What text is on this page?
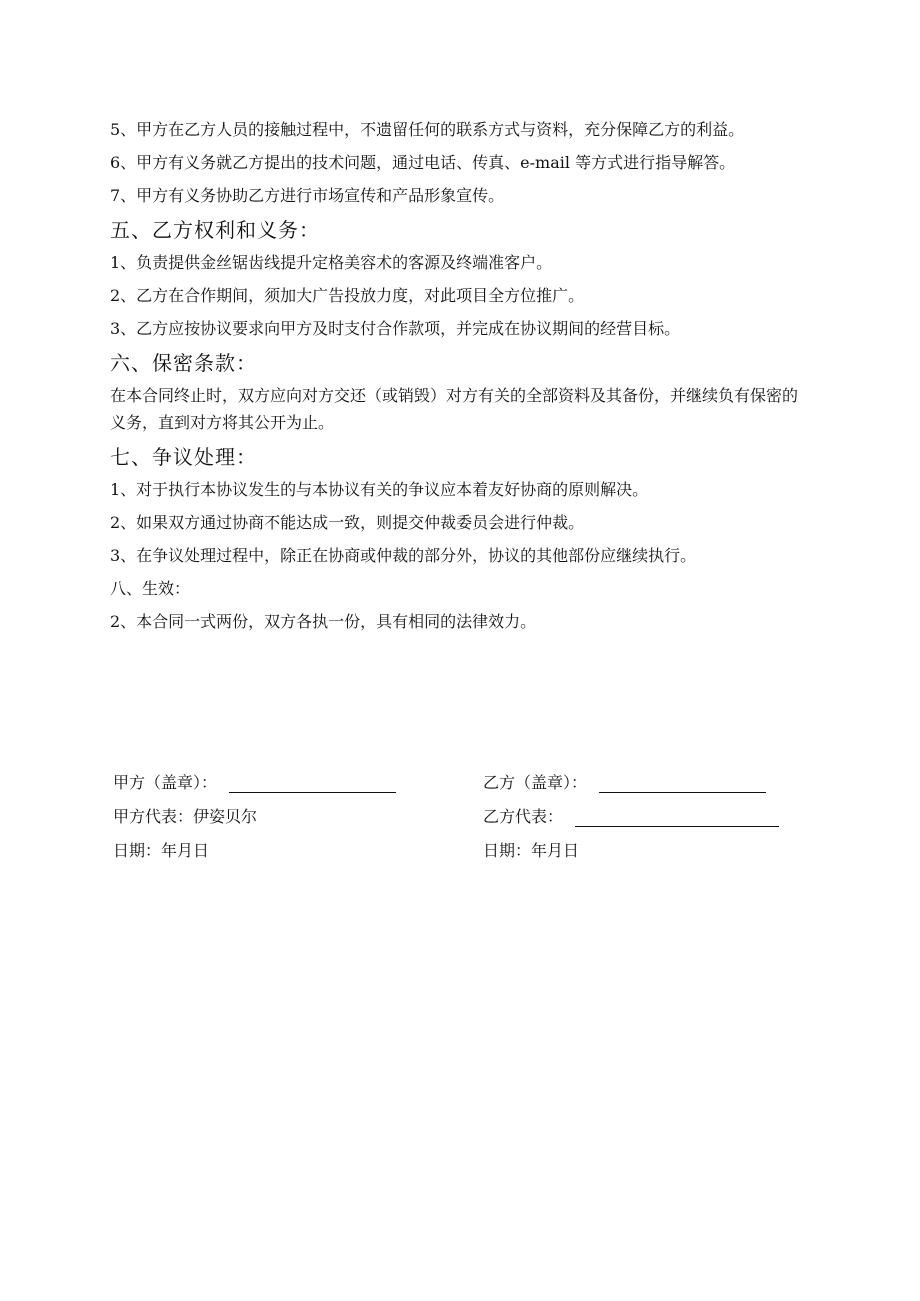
5、甲方在乙方人员的接触过程中，不遗留任何的联系方式与资料，充分保障乙方的利益。

6、甲方有义务就乙方提出的技术问题，通过电话、传真、e-mail 等方式进行指导解答。

7、甲方有义务协助乙方进行市场宣传和产品形象宣传。

五、乙方权利和义务：

1、负责提供金丝锯齿线提升定格美容术的客源及终端准客户。

2、乙方在合作期间，须加大广告投放力度，对此项目全方位推广。

3、乙方应按协议要求向甲方及时支付合作款项，并完成在协议期间的经营目标。

六、保密条款：

在本合同终止时，双方应向对方交还（或销毁）对方有关的全部资料及其备份，并继续负有保密的义务，直到对方将其公开为止。

七、争议处理：

1、对于执行本协议发生的与本协议有关的争议应本着友好协商的原则解决。

2、如果双方通过协商不能达成一致，则提交仲裁委员会进行仲裁。

3、在争议处理过程中，除正在协商或仲裁的部分外，协议的其他部份应继续执行。

八、生效：

2、本合同一式两份，双方各执一份，具有相同的法律效力。

甲方（盖章）：	乙方（盖章）：
甲方代表：伊姿贝尔	乙方代表：
日期：年月日	日期：年月日
